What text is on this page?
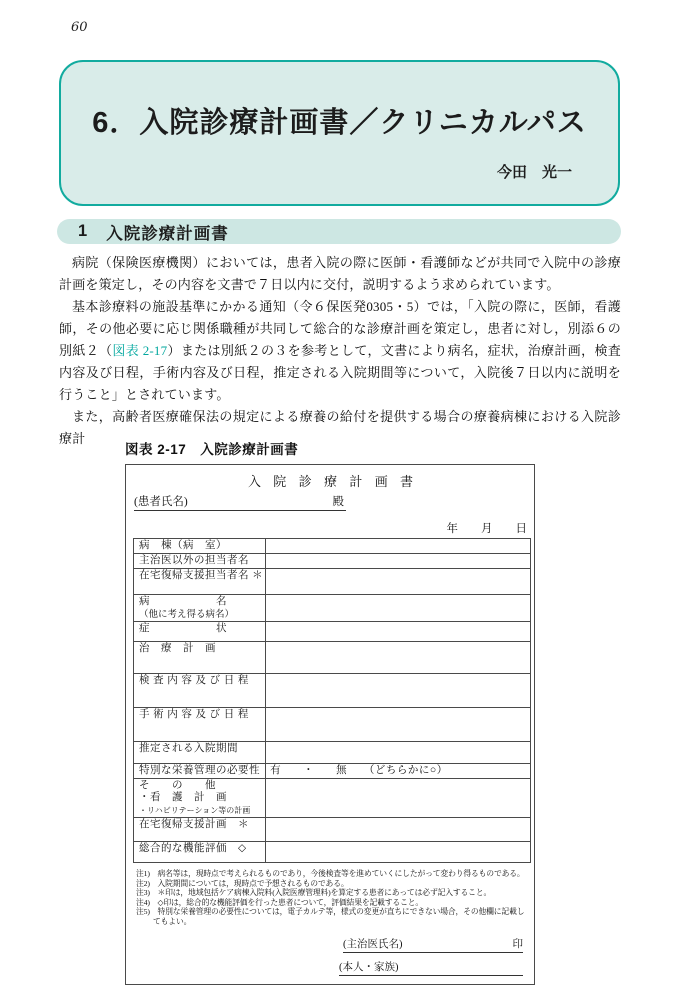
60
6．入院診療計画書／クリニカルパス
今田　光一
1	入院診療計画書

病院（保険医療機関）においては，患者入院の際に医師・看護師などが共同で入院中の診療計画を策定し，その内容を文書で７日以内に交付，説明するよう求められています。

基本診療料の施設基準にかかる通知（令６保医発0305・5）では，「入院の際に，医師，看護師，その他必要に応じ関係職種が共同して総合的な診療計画を策定し，患者に対し，別添６の別紙２（図表 2-17）または別紙２の３を参考として，文書により病名，症状，治療計画，検査内容及び日程，手術内容及び日程，推定される入院期間等について，入院後７日以内に説明を行うこと」とされています。

また，高齢者医療確保法の規定による療養の給付を提供する場合の療養病棟における入院診療計

図表 2-17　入院診療計画書
入院診療計画書
(患者氏名)	殿
年　　月　　日
病　棟（病　室）	
主治医以外の担当者名	
在宅復帰支援担当者名 ＊	

病　　　　　　名
（他に考え得る病名）	

症　　　　　　状	
治　療　計　画	
検 査 内 容 及 び 日 程	
手 術 内 容 及 び 日 程	
推定される入院期間	
特別な栄養管理の必要性	有　　・　　無　　（どちらかに○）

そ　　の　　他
・看　護　計　画
・リハビリテーション等の計画	

在宅復帰支援計画　＊	
総合的な機能評価　◇	
注1)　病名等は，現時点で考えられるものであり，今後検査等を進めていくにしたがって変わり得るものである。
注2)　入院期間については，現時点で予想されるものである。
注3)　＊印は，地域包括ケア病棟入院料(入院医療管理料)を算定する患者にあっては必ず記入すること。
注4)　◇印は，総合的な機能評価を行った患者について，評価結果を記載すること。
注5)　特別な栄養管理の必要性については，電子カルテ等，様式の変更が直ちにできない場合，その他欄に記載してもよい。
(主治医氏名)	印
(本人・家族)
